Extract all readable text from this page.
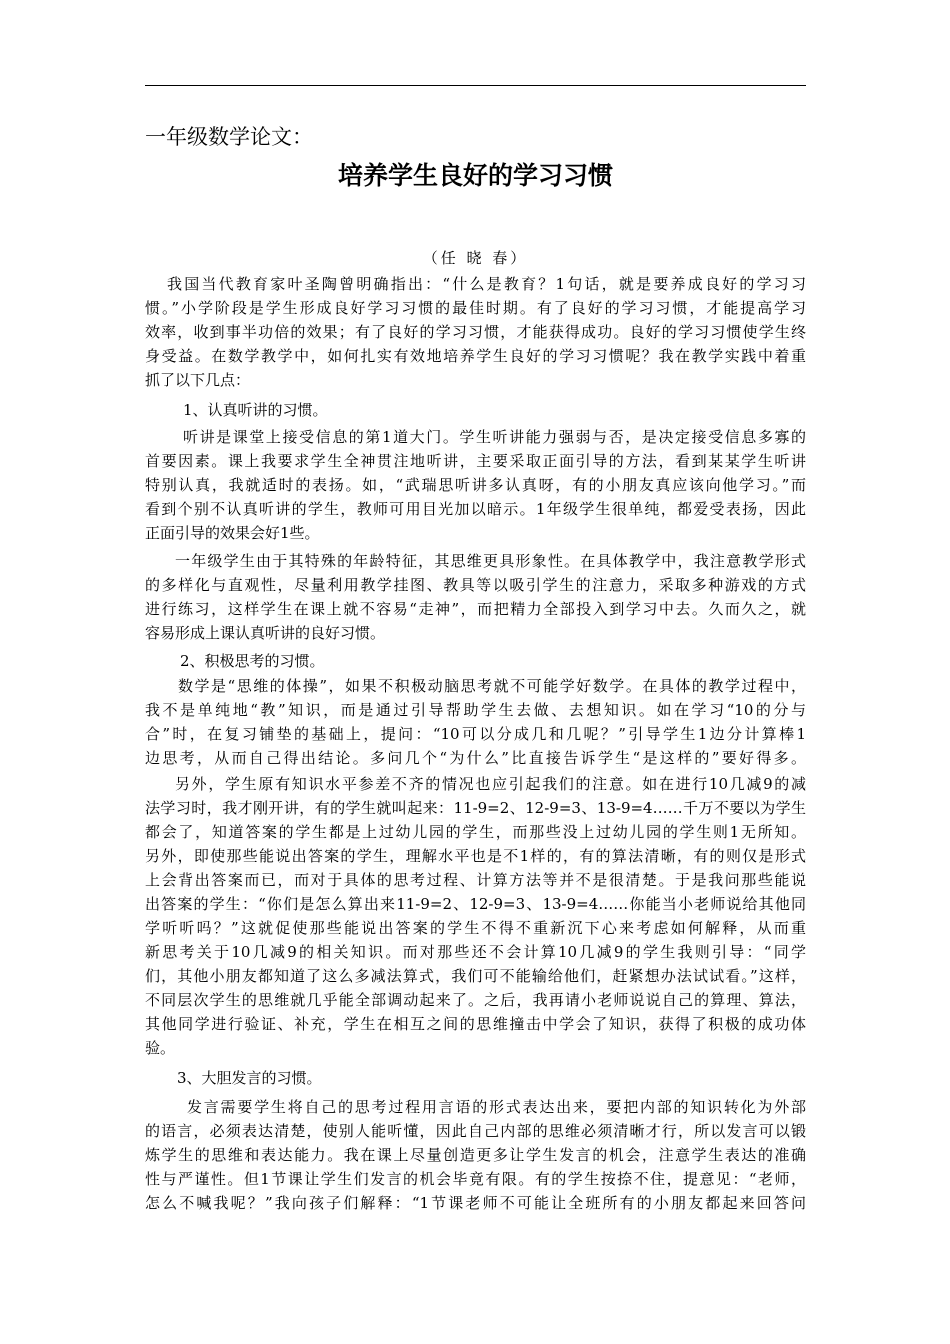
一年级数学论文：
培养学生良好的学习习惯
（任 晓 春）
我国当代教育家叶圣陶曾明确指出：“什么是教育？1句话，就是要养成良好的学习习
惯。”小学阶段是学生形成良好学习习惯的最佳时期。有了良好的学习习惯，才能提高学习
效率，收到事半功倍的效果；有了良好的学习习惯，才能获得成功。良好的学习习惯使学生终
身受益。在数学教学中，如何扎实有效地培养学生良好的学习习惯呢？我在教学实践中着重
抓了以下几点：
1、认真听讲的习惯。
听讲是课堂上接受信息的第1道大门。学生听讲能力强弱与否，是决定接受信息多寡的
首要因素。课上我要求学生全神贯注地听讲，主要采取正面引导的方法，看到某某学生听讲
特别认真，我就适时的表扬。如，“武瑞思听讲多认真呀，有的小朋友真应该向他学习。”而
看到个别不认真听讲的学生，教师可用目光加以暗示。1年级学生很单纯，都爱受表扬，因此
正面引导的效果会好1些。
一年级学生由于其特殊的年龄特征，其思维更具形象性。在具体教学中，我注意教学形式
的多样化与直观性，尽量利用教学挂图、教具等以吸引学生的注意力，采取多种游戏的方式
进行练习，这样学生在课上就不容易“走神”，而把精力全部投入到学习中去。久而久之，就
容易形成上课认真听讲的良好习惯。
2、积极思考的习惯。
数学是“思维的体操”，如果不积极动脑思考就不可能学好数学。在具体的教学过程中，
我不是单纯地“教”知识，而是通过引导帮助学生去做、去想知识。如在学习“10的分与
合”时，在复习铺垫的基础上，提问：“10可以分成几和几呢？”引导学生1边分计算棒1
边思考，从而自己得出结论。多问几个“为什么”比直接告诉学生“是这样的”要好得多。
另外，学生原有知识水平参差不齐的情况也应引起我们的注意。如在进行10几减9的减
法学习时，我才刚开讲，有的学生就叫起来：11-9=2、12-9=3、13-9=4……千万不要以为学生
都会了，知道答案的学生都是上过幼儿园的学生，而那些没上过幼儿园的学生则1无所知。
另外，即使那些能说出答案的学生，理解水平也是不1样的，有的算法清晰，有的则仅是形式
上会背出答案而已，而对于具体的思考过程、计算方法等并不是很清楚。于是我问那些能说
出答案的学生：“你们是怎么算出来11-9=2、12-9=3、13-9=4……你能当小老师说给其他同
学听听吗？”这就促使那些能说出答案的学生不得不重新沉下心来考虑如何解释，从而重
新思考关于10几减9的相关知识。而对那些还不会计算10几减9的学生我则引导：“同学
们，其他小朋友都知道了这么多减法算式，我们可不能输给他们，赶紧想办法试试看。”这样，
不同层次学生的思维就几乎能全部调动起来了。之后，我再请小老师说说自己的算理、算法，
其他同学进行验证、补充，学生在相互之间的思维撞击中学会了知识，获得了积极的成功体
验。
3、大胆发言的习惯。
发言需要学生将自己的思考过程用言语的形式表达出来，要把内部的知识转化为外部
的语言，必须表达清楚，使别人能听懂，因此自己内部的思维必须清晰才行，所以发言可以锻
炼学生的思维和表达能力。我在课上尽量创造更多让学生发言的机会，注意学生表达的准确
性与严谨性。但1节课让学生们发言的机会毕竟有限。有的学生按捺不住，提意见：“老师，
怎么不喊我呢？”我向孩子们解释：“1节课老师不可能让全班所有的小朋友都起来回答问
